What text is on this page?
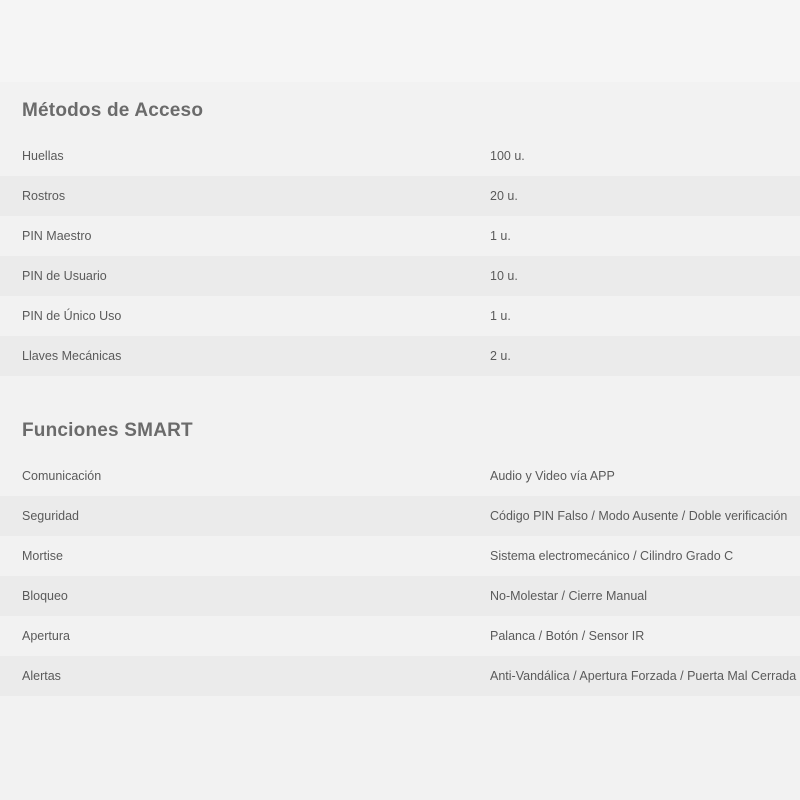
Métodos de Acceso
Huellas	100 u.
Rostros	20 u.
PIN Maestro	1 u.
PIN de Usuario	10 u.
PIN de Único Uso	1 u.
Llaves Mecánicas	2 u.
Funciones SMART
Comunicación	Audio y Video vía APP
Seguridad	Código PIN Falso / Modo Ausente / Doble verificación
Mortise	Sistema electromecánico / Cilindro Grado C
Bloqueo	No-Molestar / Cierre Manual
Apertura	Palanca / Botón / Sensor IR
Alertas	Anti-Vandálica / Apertura Forzada / Puerta Mal Cerrada
